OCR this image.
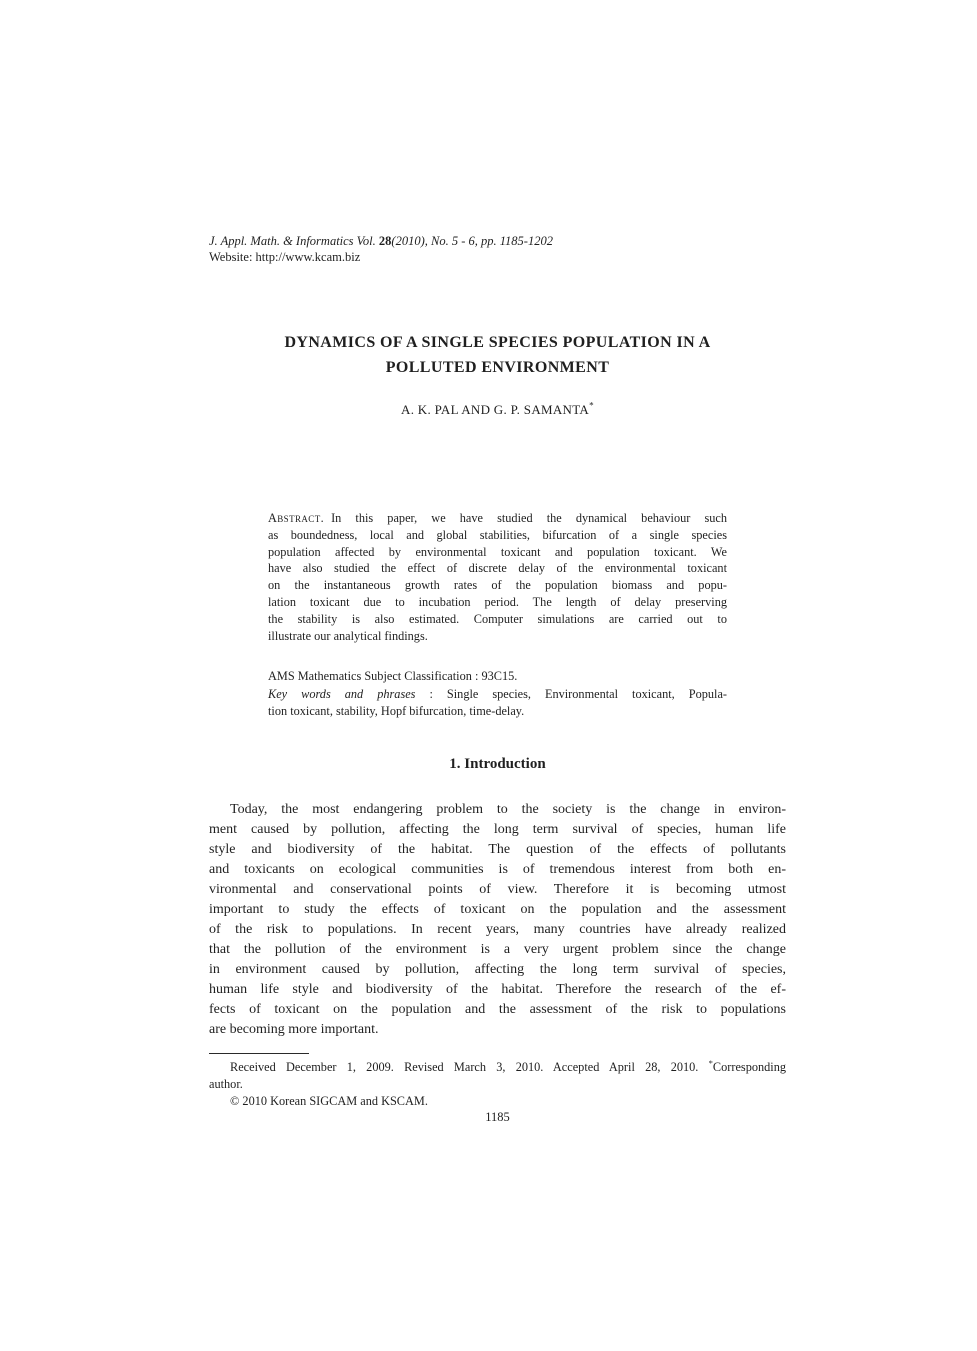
J. Appl. Math. & Informatics Vol. 28(2010), No. 5 - 6, pp. 1185-1202
Website: http://www.kcam.biz
DYNAMICS OF A SINGLE SPECIES POPULATION IN A
POLLUTED ENVIRONMENT
A. K. PAL AND G. P. SAMANTA*
Abstract. In this paper, we have studied the dynamical behaviour such
as boundedness, local and global stabilities, bifurcation of a single species
population affected by environmental toxicant and population toxicant. We
have also studied the effect of discrete delay of the environmental toxicant
on the instantaneous growth rates of the population biomass and popu-
lation toxicant due to incubation period. The length of delay preserving
the stability is also estimated. Computer simulations are carried out to
illustrate our analytical findings.
AMS Mathematics Subject Classification : 93C15.
Key words and phrases : Single species, Environmental toxicant, Popula-
tion toxicant, stability, Hopf bifurcation, time-delay.
1. Introduction
Today, the most endangering problem to the society is the change in environ-
ment caused by pollution, affecting the long term survival of species, human life
style and biodiversity of the habitat. The question of the effects of pollutants
and toxicants on ecological communities is of tremendous interest from both en-
vironmental and conservational points of view. Therefore it is becoming utmost
important to study the effects of toxicant on the population and the assessment
of the risk to populations. In recent years, many countries have already realized
that the pollution of the environment is a very urgent problem since the change
in environment caused by pollution, affecting the long term survival of species,
human life style and biodiversity of the habitat. Therefore the research of the ef-
fects of toxicant on the population and the assessment of the risk to populations
are becoming more important.
Received December 1, 2009. Revised March 3, 2010. Accepted April 28, 2010. *Corresponding
author.
© 2010 Korean SIGCAM and KSCAM.
1185
